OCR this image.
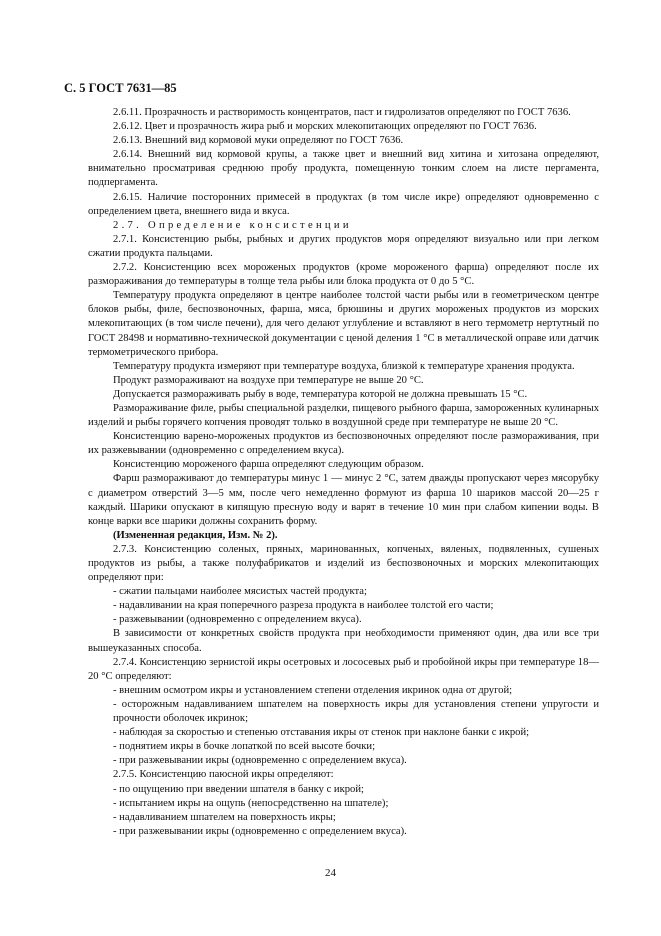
С. 5 ГОСТ 7631—85

2.6.11. Прозрачность и растворимость концентратов, паст и гидролизатов определяют по ГОСТ 7636.

2.6.12. Цвет и прозрачность жира рыб и морских млекопитающих определяют по ГОСТ 7636.

2.6.13. Внешний вид кормовой муки определяют по ГОСТ 7636.

2.6.14. Внешний вид кормовой крупы, а также цвет и внешний вид хитина и хитозана определяют, внимательно просматривая среднюю пробу продукта, помещенную тонким слоем на листе пергамента, подпергамента.

2.6.15. Наличие посторонних примесей в продуктах (в том числе икре) определяют одновременно с определением цвета, внешнего вида и вкуса.

2.7. Определение консистенции

2.7.1. Консистенцию рыбы, рыбных и других продуктов моря определяют визуально или при легком сжатии продукта пальцами.

2.7.2. Консистенцию всех мороженых продуктов (кроме мороженого фарша) определяют после их размораживания до температуры в толще тела рыбы или блока продукта от 0 до 5 °С.

Температуру продукта определяют в центре наиболее толстой части рыбы или в геометрическом центре блоков рыбы, филе, беспозвоночных, фарша, мяса, брюшины и других мороженых продуктов из морских млекопитающих (в том числе печени), для чего делают углубление и вставляют в него термометр нертутный по ГОСТ 28498 и нормативно-технической документации с ценой деления 1 °С в металлической оправе или датчик термометрического прибора.

Температуру продукта измеряют при температуре воздуха, близкой к температуре хранения продукта.

Продукт размораживают на воздухе при температуре не выше 20 °С.

Допускается размораживать рыбу в воде, температура которой не должна превышать 15 °С.

Размораживание филе, рыбы специальной разделки, пищевого рыбного фарша, замороженных кулинарных изделий и рыбы горячего копчения проводят только в воздушной среде при температуре не выше 20 °С.

Консистенцию варено-мороженых продуктов из беспозвоночных определяют после размораживания, при их разжевывании (одновременно с определением вкуса).

Консистенцию мороженого фарша определяют следующим образом.

Фарш размораживают до температуры минус 1 — минус 2 °С, затем дважды пропускают через мясорубку с диаметром отверстий 3—5 мм, после чего немедленно формуют из фарша 10 шариков массой 20—25 г каждый. Шарики опускают в кипящую пресную воду и варят в течение 10 мин при слабом кипении воды. В конце варки все шарики должны сохранить форму.

(Измененная редакция, Изм. № 2).

2.7.3. Консистенцию соленых, пряных, маринованных, копченых, вяленых, подвяленных, сушеных продуктов из рыбы, а также полуфабрикатов и изделий из беспозвоночных и морских млекопитающих определяют при:

- сжатии пальцами наиболее мясистых частей продукта;

- надавливании на края поперечного разреза продукта в наиболее толстой его части;

- разжевывании (одновременно с определением вкуса).

В зависимости от конкретных свойств продукта при необходимости применяют один, два или все три вышеуказанных способа.

2.7.4. Консистенцию зернистой икры осетровых и лососевых рыб и пробойной икры при температуре 18—20 °С определяют:

- внешним осмотром икры и установлением степени отделения икринок одна от другой;

- осторожным надавливанием шпателем на поверхность икры для установления степени упругости и прочности оболочек икринок;

- наблюдая за скоростью и степенью отставания икры от стенок при наклоне банки с икрой;

- поднятием икры в бочке лопаткой по всей высоте бочки;

- при разжевывании икры (одновременно с определением вкуса).

2.7.5. Консистенцию паюсной икры определяют:

- по ощущению при введении шпателя в банку с икрой;

- испытанием икры на ощупь (непосредственно на шпателе);

- надавливанием шпателем на поверхность икры;

- при разжевывании икры (одновременно с определением вкуса).

24
